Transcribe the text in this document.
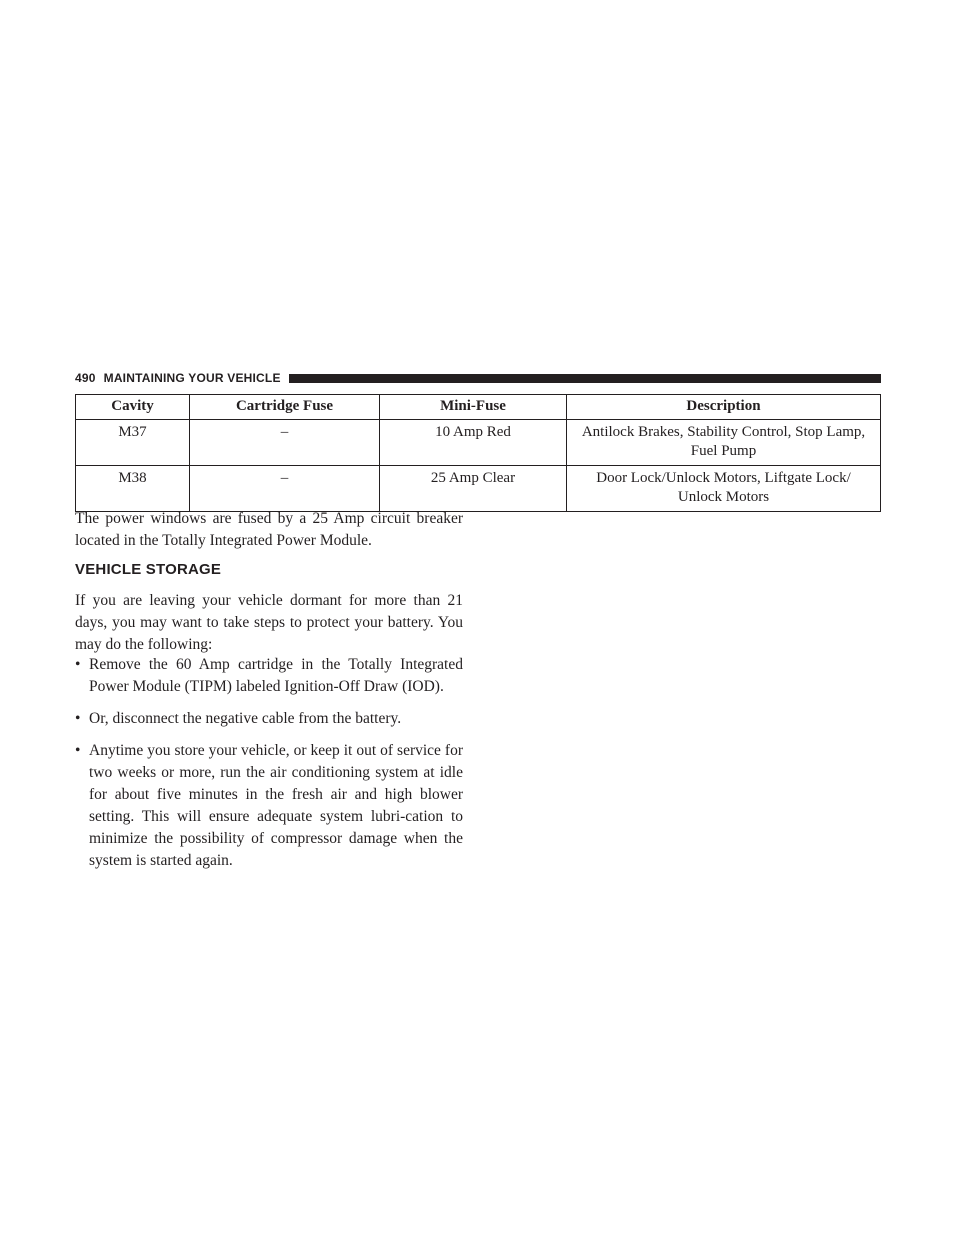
490 MAINTAINING YOUR VEHICLE
Cavity	Cartridge Fuse	Mini-Fuse	Description
M37	–	10 Amp Red	Antilock Brakes, Stability Control, Stop Lamp,
Fuel Pump

M38	–	25 Amp Clear	Door Lock/Unlock Motors, Liftgate Lock/
Unlock Motors

The power windows are fused by a 25 Amp circuit breaker located in the Totally Integrated Power Module.

VEHICLE STORAGE

If you are leaving your vehicle dormant for more than 21 days, you may want to take steps to protect your battery. You may do the following:

• Remove the 60 Amp cartridge in the Totally Integrated Power Module (TIPM) labeled Ignition-Off Draw (IOD).
• Or, disconnect the negative cable from the battery.
• Anytime you store your vehicle, or keep it out of service for two weeks or more, run the air conditioning system at idle for about five minutes in the fresh air and high blower setting. This will ensure adequate system lubri-cation to minimize the possibility of compressor damage when the system is started again.
